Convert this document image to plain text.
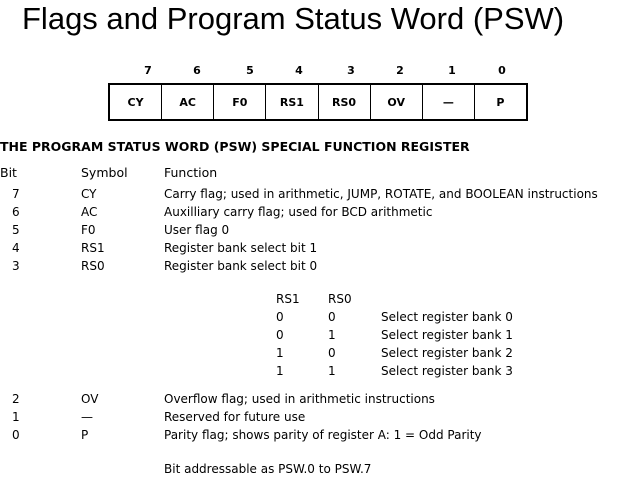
Flags and Program Status Word (PSW)
7	6	5	4	3	2	1	0
CY	AC	F0	RS1	RS0	OV	—	P
THE PROGRAM STATUS WORD (PSW) SPECIAL FUNCTION REGISTER
Bit	Symbol	Function
7	CY	Carry flag; used in arithmetic, JUMP, ROTATE, and BOOLEAN instructions
6	AC	Auxilliary carry flag; used for BCD arithmetic
5	F0	User flag 0
4	RS1	Register bank select bit 1
3	RS0	Register bank select bit 0
RS1 RS0
0	0	Select register bank 0
0	1	Select register bank 1
1	0	Select register bank 2
1	1	Select register bank 3
2	OV	Overflow flag; used in arithmetic instructions
1	—	Reserved for future use
0	P	Parity flag; shows parity of register A: 1 = Odd Parity
Bit addressable as PSW.0 to PSW.7
